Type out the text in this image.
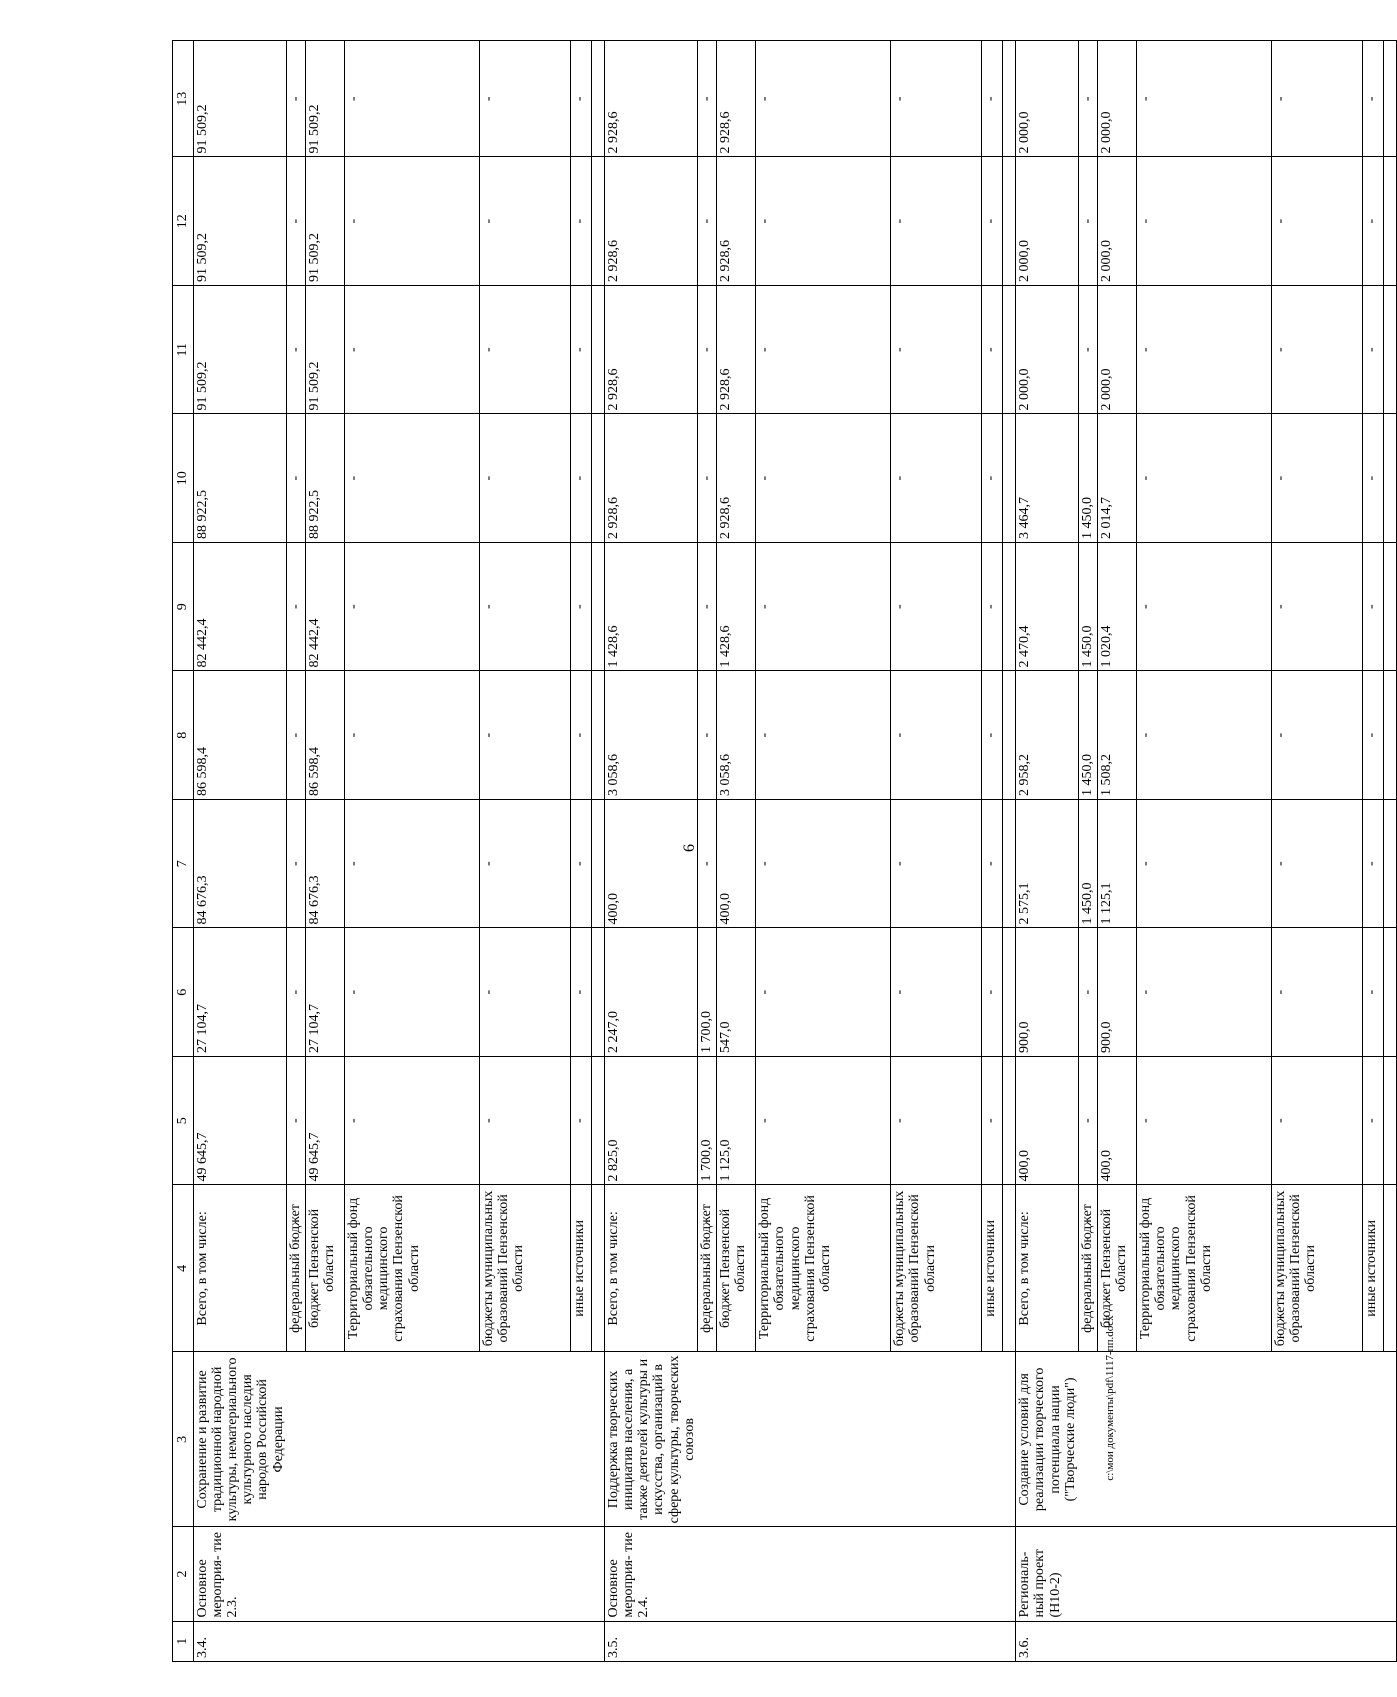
6
1	2	3	4	5	6	7	8	9	10	11	12	13
3.4.	Основное мероприя- тие 2.3.	Сохранение и развитие традиционной народной культуры, нематериального культурного наследия народов Российской Федерации	Всего, в том числе:	49 645,7	27 104,7	84 676,3	86 598,4	82 442,4	88 922,5	91 509,2	91 509,2	91 509,2
			федеральный бюджет	-	-	-	-	-	-	-	-	-
			бюджет Пензенской области	49 645,7	27 104,7	84 676,3	86 598,4	82 442,4	88 922,5	91 509,2	91 509,2	91 509,2
			Территориальный фонд обязательного медицинского страхования Пензенской области	-	-	-	-	-	-	-	-	-
			бюджеты муниципальных образований Пензенской области	-	-	-	-	-	-	-	-	-
			иные источники	-	-	-	-	-	-	-	-	-

3.5.	Основное мероприя- тие 2.4.	Поддержка творческих инициатив населения, а также деятелей культуры и искусства, организаций в сфере культуры, творческих союзов	Всего, в том числе:	2 825,0	2 247,0	400,0	3 058,6	1 428,6	2 928,6	2 928,6	2 928,6	2 928,6
			федеральный бюджет	1 700,0	1 700,0	-	-	-	-	-	-	-
			бюджет Пензенской области	1 125,0	547,0	400,0	3 058,6	1 428,6	2 928,6	2 928,6	2 928,6	2 928,6
			Территориальный фонд обязательного медицинского страхования Пензенской области	-	-	-	-	-	-	-	-	-
			бюджеты муниципальных образований Пензенской области	-	-	-	-	-	-	-	-	-
			иные источники	-	-	-	-	-	-	-	-	-

3.6.	Региональ- ный проект (Н10-2)	Создание условий для реализации творческого потенциала нации ("Творческие люди")	Всего, в том числе:	400,0	900,0	2 575,1	2 958,2	2 470,4	3 464,7	2 000,0	2 000,0	2 000,0
			федеральный бюджет	-	-	1 450,0	1 450,0	1 450,0	1 450,0	-	-	-
			бюджет Пензенской области	400,0	900,0	1 125,1	1 508,2	1 020,4	2 014,7	2 000,0	2 000,0	2 000,0
			Территориальный фонд обязательного медицинского страхования Пензенской области	-	-	-	-	-	-	-	-	-
			бюджеты муниципальных образований Пензенской области	-	-	-	-	-	-	-	-	-
			иные источники	-	-	-	-	-	-	-	-	-

c:\мои документы\pdf\1117-пп.docx
